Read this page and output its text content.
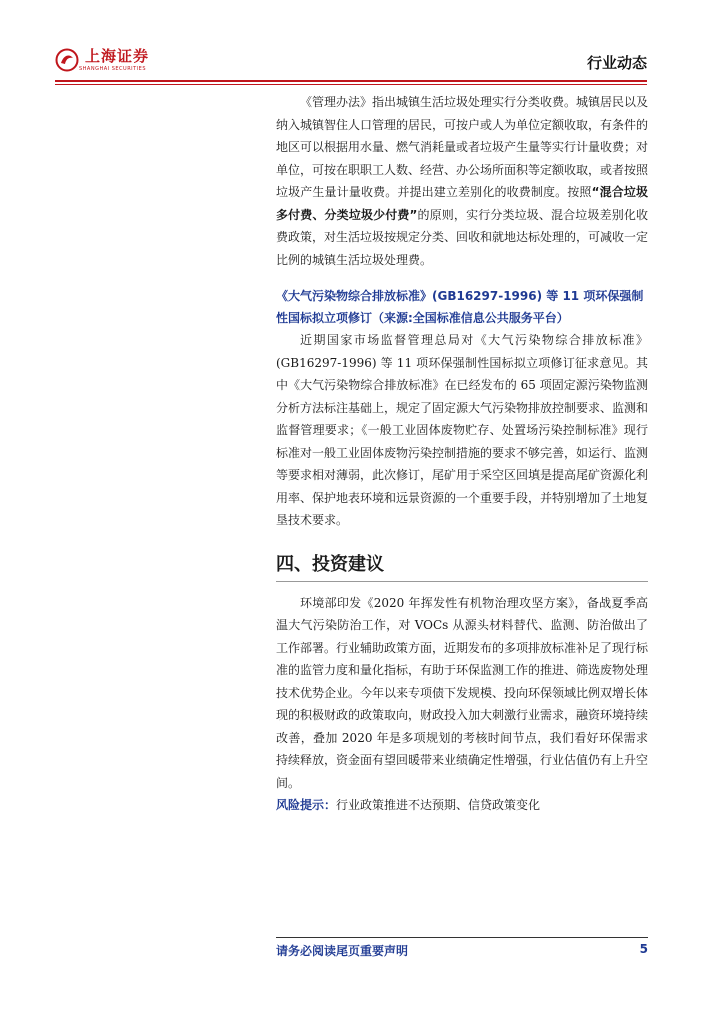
上海证券
SHANGHAI SECURITIES	行业动态

《管理办法》指出城镇生活垃圾处理实行分类收费。城镇居民以及纳入城镇智住人口管理的居民，可按户或人为单位定额收取，有条件的地区可以根据用水量、燃气消耗量或者垃圾产生量等实行计量收费；对单位，可按在职职工人数、经营、办公场所面积等定额收取，或者按照垃圾产生量计量收费。并提出建立差别化的收费制度。按照“混合垃圾多付费、分类垃圾少付费”的原则，实行分类垃圾、混合垃圾差别化收费政策，对生活垃圾按规定分类、回收和就地达标处理的，可减收一定比例的城镇生活垃圾处理费。

《大气污染物综合排放标准》(GB16297-1996) 等 11 项环保强制性国标拟立项修订（来源:全国标准信息公共服务平台）

近期国家市场监督管理总局对《大气污染物综合排放标准》(GB16297-1996) 等 11 项环保强制性国标拟立项修订征求意见。其中《大气污染物综合排放标准》在已经发布的 65 项固定源污染物监测分析方法标注基础上，规定了固定源大气污染物排放控制要求、监测和监督管理要求；《一般工业固体废物贮存、处置场污染控制标准》现行标准对一般工业固体废物污染控制措施的要求不够完善，如运行、监测等要求相对薄弱，此次修订，尾矿用于采空区回填是提高尾矿资源化利用率、保护地表环境和远景资源的一个重要手段，并特别增加了土地复垦技术要求。

四、投资建议

环境部印发《2020 年挥发性有机物治理攻坚方案》，备战夏季高温大气污染防治工作，对 VOCs 从源头材料替代、监测、防治做出了工作部署。行业辅助政策方面，近期发布的多项排放标准补足了现行标准的监管力度和量化指标，有助于环保监测工作的推进、筛选废物处理技术优势企业。今年以来专项债下发规模、投向环保领域比例双增长体现的积极财政的政策取向，财政投入加大刺激行业需求，融资环境持续改善，叠加 2020 年是多项规划的考核时间节点，我们看好环保需求持续释放，资金面有望回暖带来业绩确定性增强，行业估值仍有上升空间。

风险提示：行业政策推进不达预期、信贷政策变化

请务必阅读尾页重要声明	5
